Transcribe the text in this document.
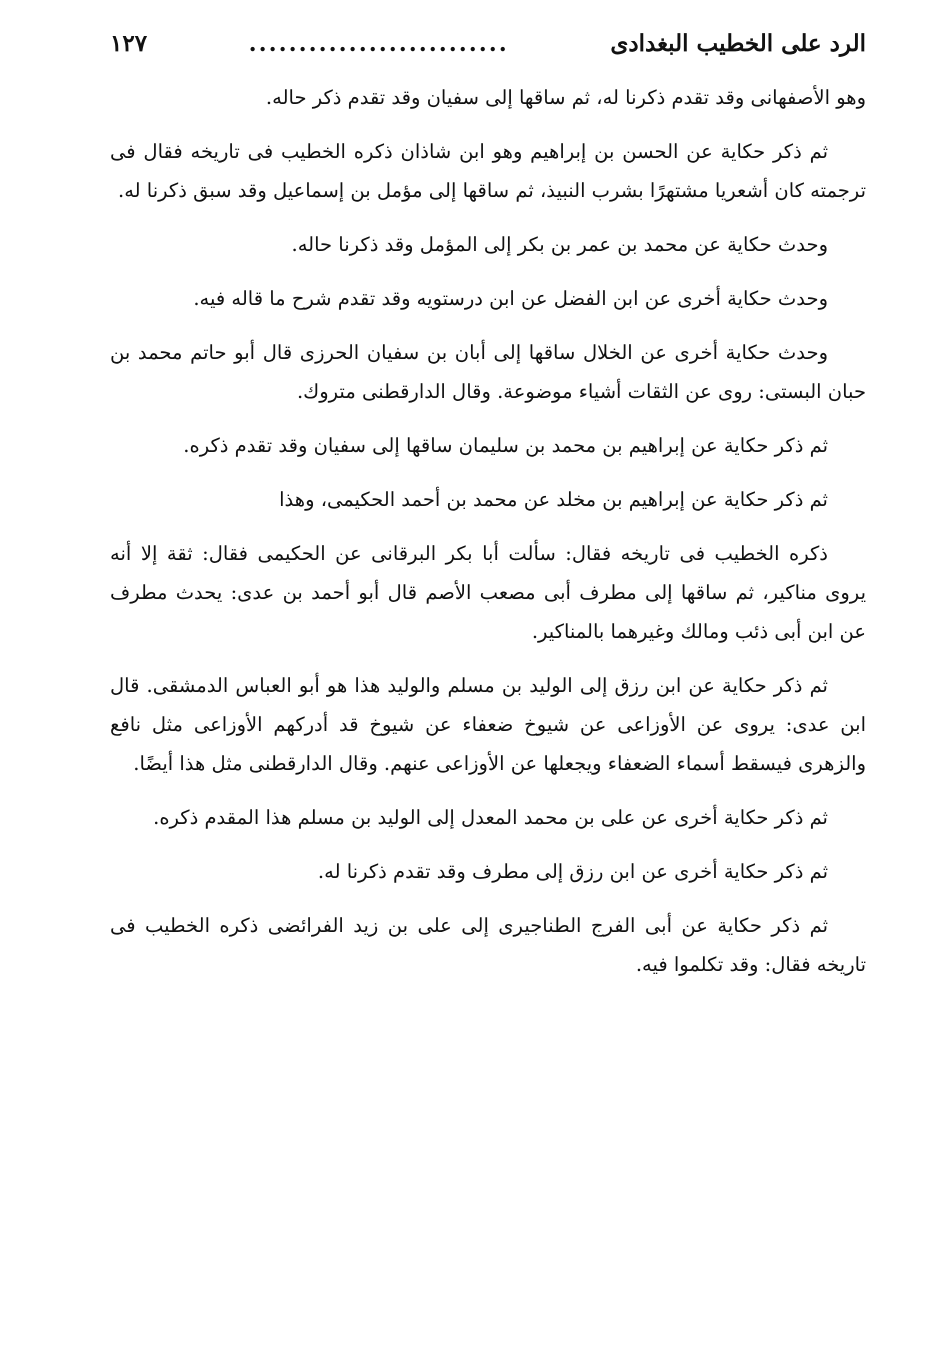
الرد على الخطيب البغدادى
..........................
١٢٧

وهو الأصفهانى وقد تقدم ذكرنا له، ثم ساقها إلى سفيان وقد تقدم ذكر حاله.

ثم ذكر حكاية عن الحسن بن إبراهيم وهو ابن شاذان ذكره الخطيب فى تاريخه فقال فى ترجمته كان أشعريا مشتهرًا بشرب النبيذ، ثم ساقها إلى مؤمل بن إسماعيل وقد سبق ذكرنا له.

وحدث حكاية عن محمد بن عمر بن بكر إلى المؤمل وقد ذكرنا حاله.

وحدث حكاية أخرى عن ابن الفضل عن ابن درستويه وقد تقدم شرح ما قاله فيه.

وحدث حكاية أخرى عن الخلال ساقها إلى أبان بن سفيان الحرزى قال أبو حاتم محمد بن حبان البستى: روى عن الثقات أشياء موضوعة. وقال الدارقطنى متروك.

ثم ذكر حكاية عن إبراهيم بن محمد بن سليمان ساقها إلى سفيان وقد تقدم ذكره.

ثم ذكر حكاية عن إبراهيم بن مخلد عن محمد بن أحمد الحكيمى، وهذا

ذكره الخطيب فى تاريخه فقال: سألت أبا بكر البرقانى عن الحكيمى فقال: ثقة إلا أنه يروى مناكير، ثم ساقها إلى مطرف أبى مصعب الأصم قال أبو أحمد بن عدى: يحدث مطرف عن ابن أبى ذئب ومالك وغيرهما بالمناكير.

ثم ذكر حكاية عن ابن رزق إلى الوليد بن مسلم والوليد هذا هو أبو العباس الدمشقى. قال ابن عدى: يروى عن الأوزاعى عن شيوخ ضعفاء عن شيوخ قد أدركهم الأوزاعى مثل نافع والزهرى فيسقط أسماء الضعفاء ويجعلها عن الأوزاعى عنهم. وقال الدارقطنى مثل هذا أيضًا.

ثم ذكر حكاية أخرى عن على بن محمد المعدل إلى الوليد بن مسلم هذا المقدم ذكره.

ثم ذكر حكاية أخرى عن ابن رزق إلى مطرف وقد تقدم ذكرنا له.

ثم ذكر حكاية عن أبى الفرج الطناجيرى إلى على بن زيد الفرائضى ذكره الخطيب فى تاريخه فقال: وقد تكلموا فيه.
